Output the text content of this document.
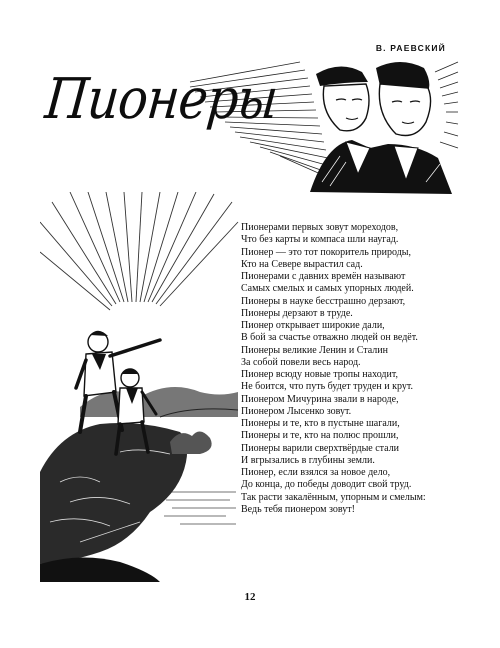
В. РАЕВСКИЙ
Пионеры
Пионерами первых зовут мореходов,
Что без карты и компаса шли наугад.
Пионер — это тот покоритель природы,
Кто на Севере вырастил сад.
Пионерами с давних времён называют
Самых смелых и самых упорных людей.
Пионеры в науке бесстрашно дерзают,
Пионеры дерзают в труде.
Пионер открывает широкие дали,
В бой за счастье отважно людей он ведёт.
Пионеры великие Ленин и Сталин
За собой повели весь народ.
Пионер всюду новые тропы находит,
Не боится, что путь будет труден и крут.
Пионером Мичурина звали в народе,
Пионером Лысенко зовут.
Пионеры и те, кто в пустыне шагали,
Пионеры и те, кто на полюс прошли,
Пионеры варили сверхтвёрдые стали
И вгрызались в глубины земли.
Пионер, если взялся за новое дело,
До конца, до победы доводит свой труд.
Так расти закалённым, упорным и смелым:
Ведь тебя пионером зовут!
12
